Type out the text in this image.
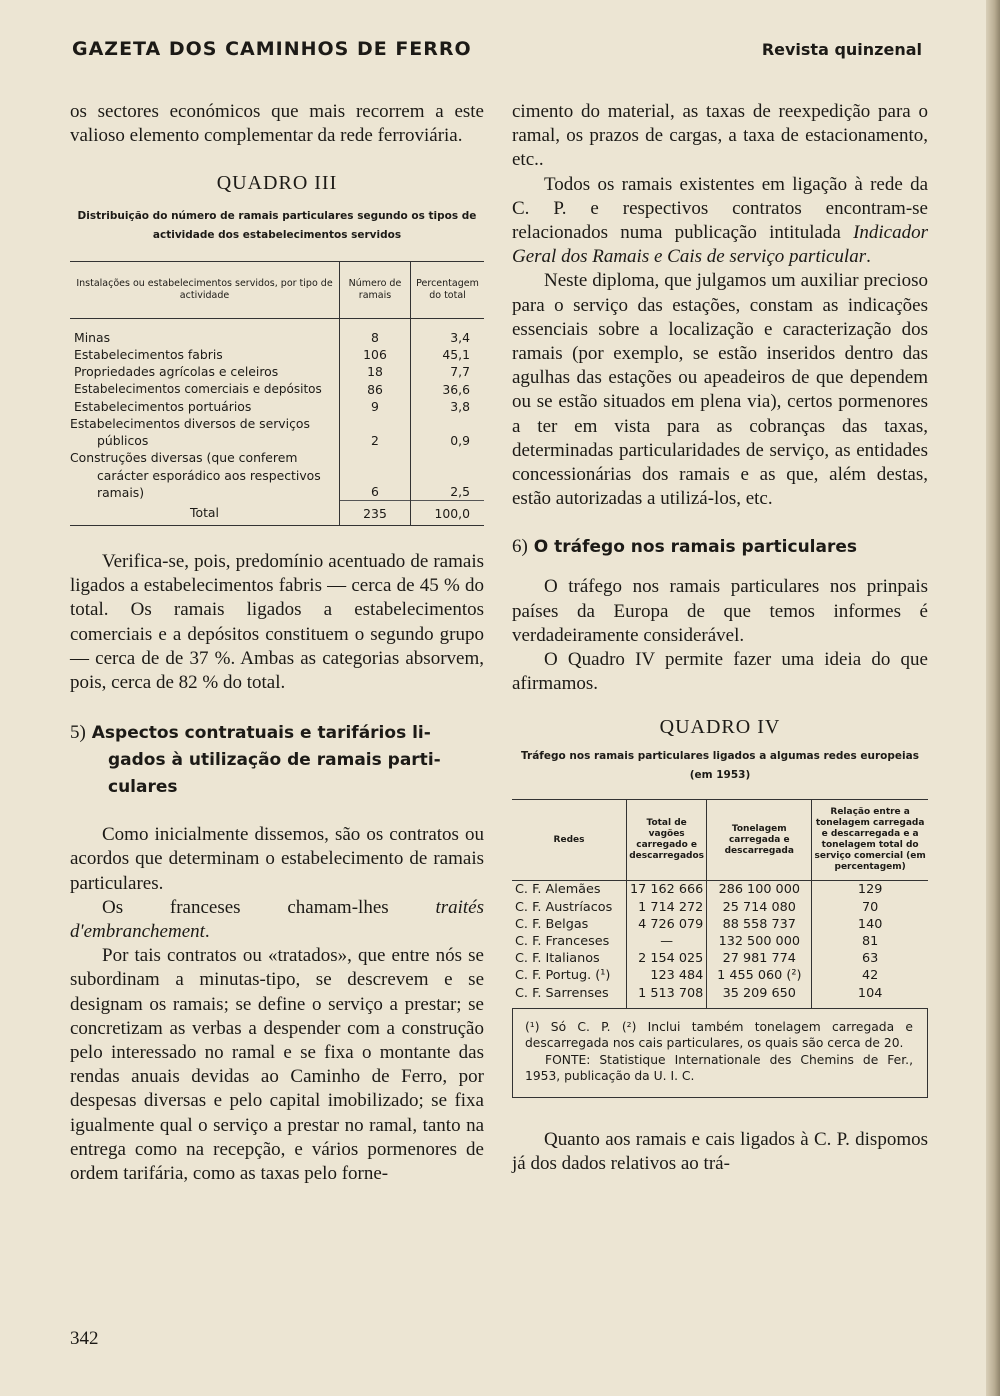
GAZETA DOS CAMINHOS DE FERRO	Revista quinzenal

os sectores económicos que mais recorrem a este valioso elemento complementar da rede ferroviária.

QUADRO III

Distribuição do número de ramais particulares segundo os tipos de actividade dos estabelecimentos servidos

Instalações ou estabelecimentos servidos, por tipo de actividade	Número de ramais	Percentagem do total

Minas	8	3,4
Estabelecimentos fabris	106	45,1
Propriedades agrícolas e celeiros	18	7,7
Estabelecimentos comerciais e depósitos	86	36,6
Estabelecimentos portuários	9	3,8
Estabelecimentos diversos de serviços públicos	2	0,9
Construções diversas (que conferem carácter esporádico aos respectivos ramais)	6	2,5
Total	235	100,0

Verifica-se, pois, predomínio acentuado de ramais ligados a estabelecimentos fabris — cerca de 45 % do total. Os ramais ligados a estabelecimentos comerciais e a depósitos constituem o segundo grupo — cerca de de 37 %. Ambas as categorias absorvem, pois, cerca de 82 % do total.

5) Aspectos contratuais e tarifários li-
gados à utilização de ramais parti-
culares

Como inicialmente dissemos, são os contratos ou acordos que determinam o estabelecimento de ramais particulares.

Os franceses chamam-lhes traités d'embranchement.

Por tais contratos ou «tratados», que entre nós se subordinam a minutas-tipo, se descrevem e se designam os ramais; se define o serviço a prestar; se concretizam as verbas a despender com a construção pelo interessado no ramal e se fixa o montante das rendas anuais devidas ao Caminho de Ferro, por despesas diversas e pelo capital imobilizado; se fixa igualmente qual o serviço a prestar no ramal, tanto na entrega como na recepção, e vários pormenores de ordem tarifária, como as taxas pelo forne-

cimento do material, as taxas de reexpedição para o ramal, os prazos de cargas, a taxa de estacionamento, etc..

Todos os ramais existentes em ligação à rede da C. P. e respectivos contratos encontram-se relacionados numa publicação intitulada Indicador Geral dos Ramais e Cais de serviço particular.

Neste diploma, que julgamos um auxiliar precioso para o serviço das estações, constam as indicações essenciais sobre a localização e caracterização dos ramais (por exemplo, se estão inseridos dentro das agulhas das estações ou apeadeiros de que dependem ou se estão situados em plena via), certos pormenores a ter em vista para as cobranças das taxas, determinadas particularidades de serviço, as entidades concessionárias dos ramais e as que, além destas, estão autorizadas a utilizá-los, etc.

6) O tráfego nos ramais particulares

O tráfego nos ramais particulares nos prinpais países da Europa de que temos informes é verdadeiramente considerável.

O Quadro IV permite fazer uma ideia do que afirmamos.

QUADRO IV

Tráfego nos ramais particulares ligados a algumas redes europeias (em 1953)

Redes	Total de vagões carregado e descarregados	Tonelagem carregada e descarregada	Relação entre a tonelagem carregada e descarregada e a tonelagem total do serviço comercial (em percentagem)
C. F. Alemães	17 162 666	286 100 000	129
C. F. Austríacos	1 714 272	25 714 080	70
C. F. Belgas	4 726 079	88 558 737	140
C. F. Franceses	—	132 500 000	81
C. F. Italianos	2 154 025	27 981 774	63
C. F. Portug. (¹)	123 484	1 455 060 (²)	42
C. F. Sarrenses	1 513 708	35 209 650	104

(¹) Só C. P. (²) Inclui também tonelagem carregada e descarregada nos cais particulares, os quais são cerca de 20.

FONTE: Statistique Internationale des Chemins de Fer., 1953, publicação da U. I. C.

Quanto aos ramais e cais ligados à C. P. dispomos já dos dados relativos ao trá-

342
